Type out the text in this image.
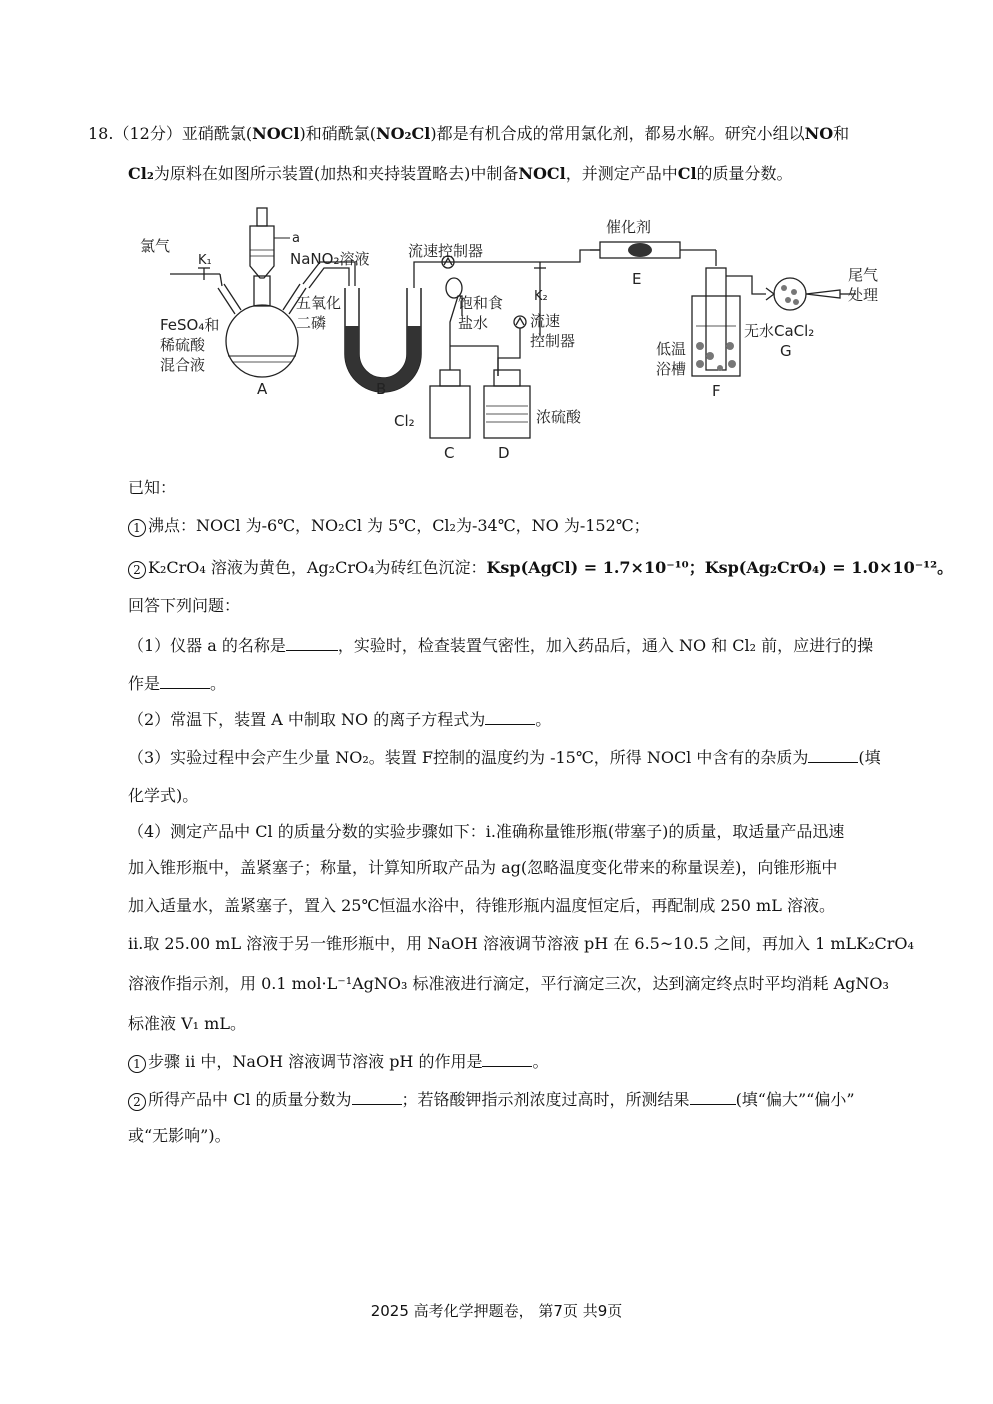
18.（12分）亚硝酰氯(NOCl)和硝酰氯(NO₂Cl)都是有机合成的常用氯化剂，都易水解。研究小组以NO和
Cl₂为原料在如图所示装置(加热和夹持装置略去)中制备NOCl，并测定产品中Cl的质量分数。
氯气
K₁
a
NaNO₂溶液
FeSO₄和
稀硫酸
混合液
A
五氧化
二磷
B
流速控制器
饱和食
盐水
K₂
流速
控制器
Cl₂
C	D
浓硫酸
催化剂
E
低温
浴槽
F
无水CaCl₂
G
尾气
处理
已知：
1 沸点：NOCl 为-6℃，NO₂Cl 为 5℃，Cl₂为-34℃，NO 为-152℃；
2 K₂CrO₄ 溶液为黄色，Ag₂CrO₄为砖红色沉淀：Ksp(AgCl) = 1.7×10⁻¹⁰；Ksp(Ag₂CrO₄) = 1.0×10⁻¹²。
回答下列问题：
（1）仪器 a 的名称是	，实验时，检查装置气密性，加入药品后，通入 NO 和 Cl₂ 前，应进行的操
作是	。
（2）常温下，装置 A 中制取 NO 的离子方程式为	。
（3）实验过程中会产生少量 NO₂。装置 F控制的温度约为 -15℃，所得 NOCl 中含有的杂质为	(填
化学式)。
（4）测定产品中 Cl 的质量分数的实验步骤如下：i.准确称量锥形瓶(带塞子)的质量，取适量产品迅速
加入锥形瓶中，盖紧塞子；称量，计算知所取产品为 ag(忽略温度变化带来的称量误差)，向锥形瓶中
加入适量水，盖紧塞子，置入 25℃恒温水浴中，待锥形瓶内温度恒定后，再配制成 250 mL 溶液。
ii.取 25.00 mL 溶液于另一锥形瓶中，用 NaOH 溶液调节溶液 pH 在 6.5~10.5 之间，再加入 1 mLK₂CrO₄
溶液作指示剂，用 0.1 mol·L⁻¹AgNO₃ 标准液进行滴定，平行滴定三次，达到滴定终点时平均消耗 AgNO₃
标准液 V₁ mL。
1 步骤 ii 中，NaOH 溶液调节溶液 pH 的作用是	。
2 所得产品中 Cl 的质量分数为	；若铬酸钾指示剂浓度过高时，所测结果	(填“偏大”“偏小”
或“无影响”)。
2025 高考化学押题卷， 第7页 共9页
